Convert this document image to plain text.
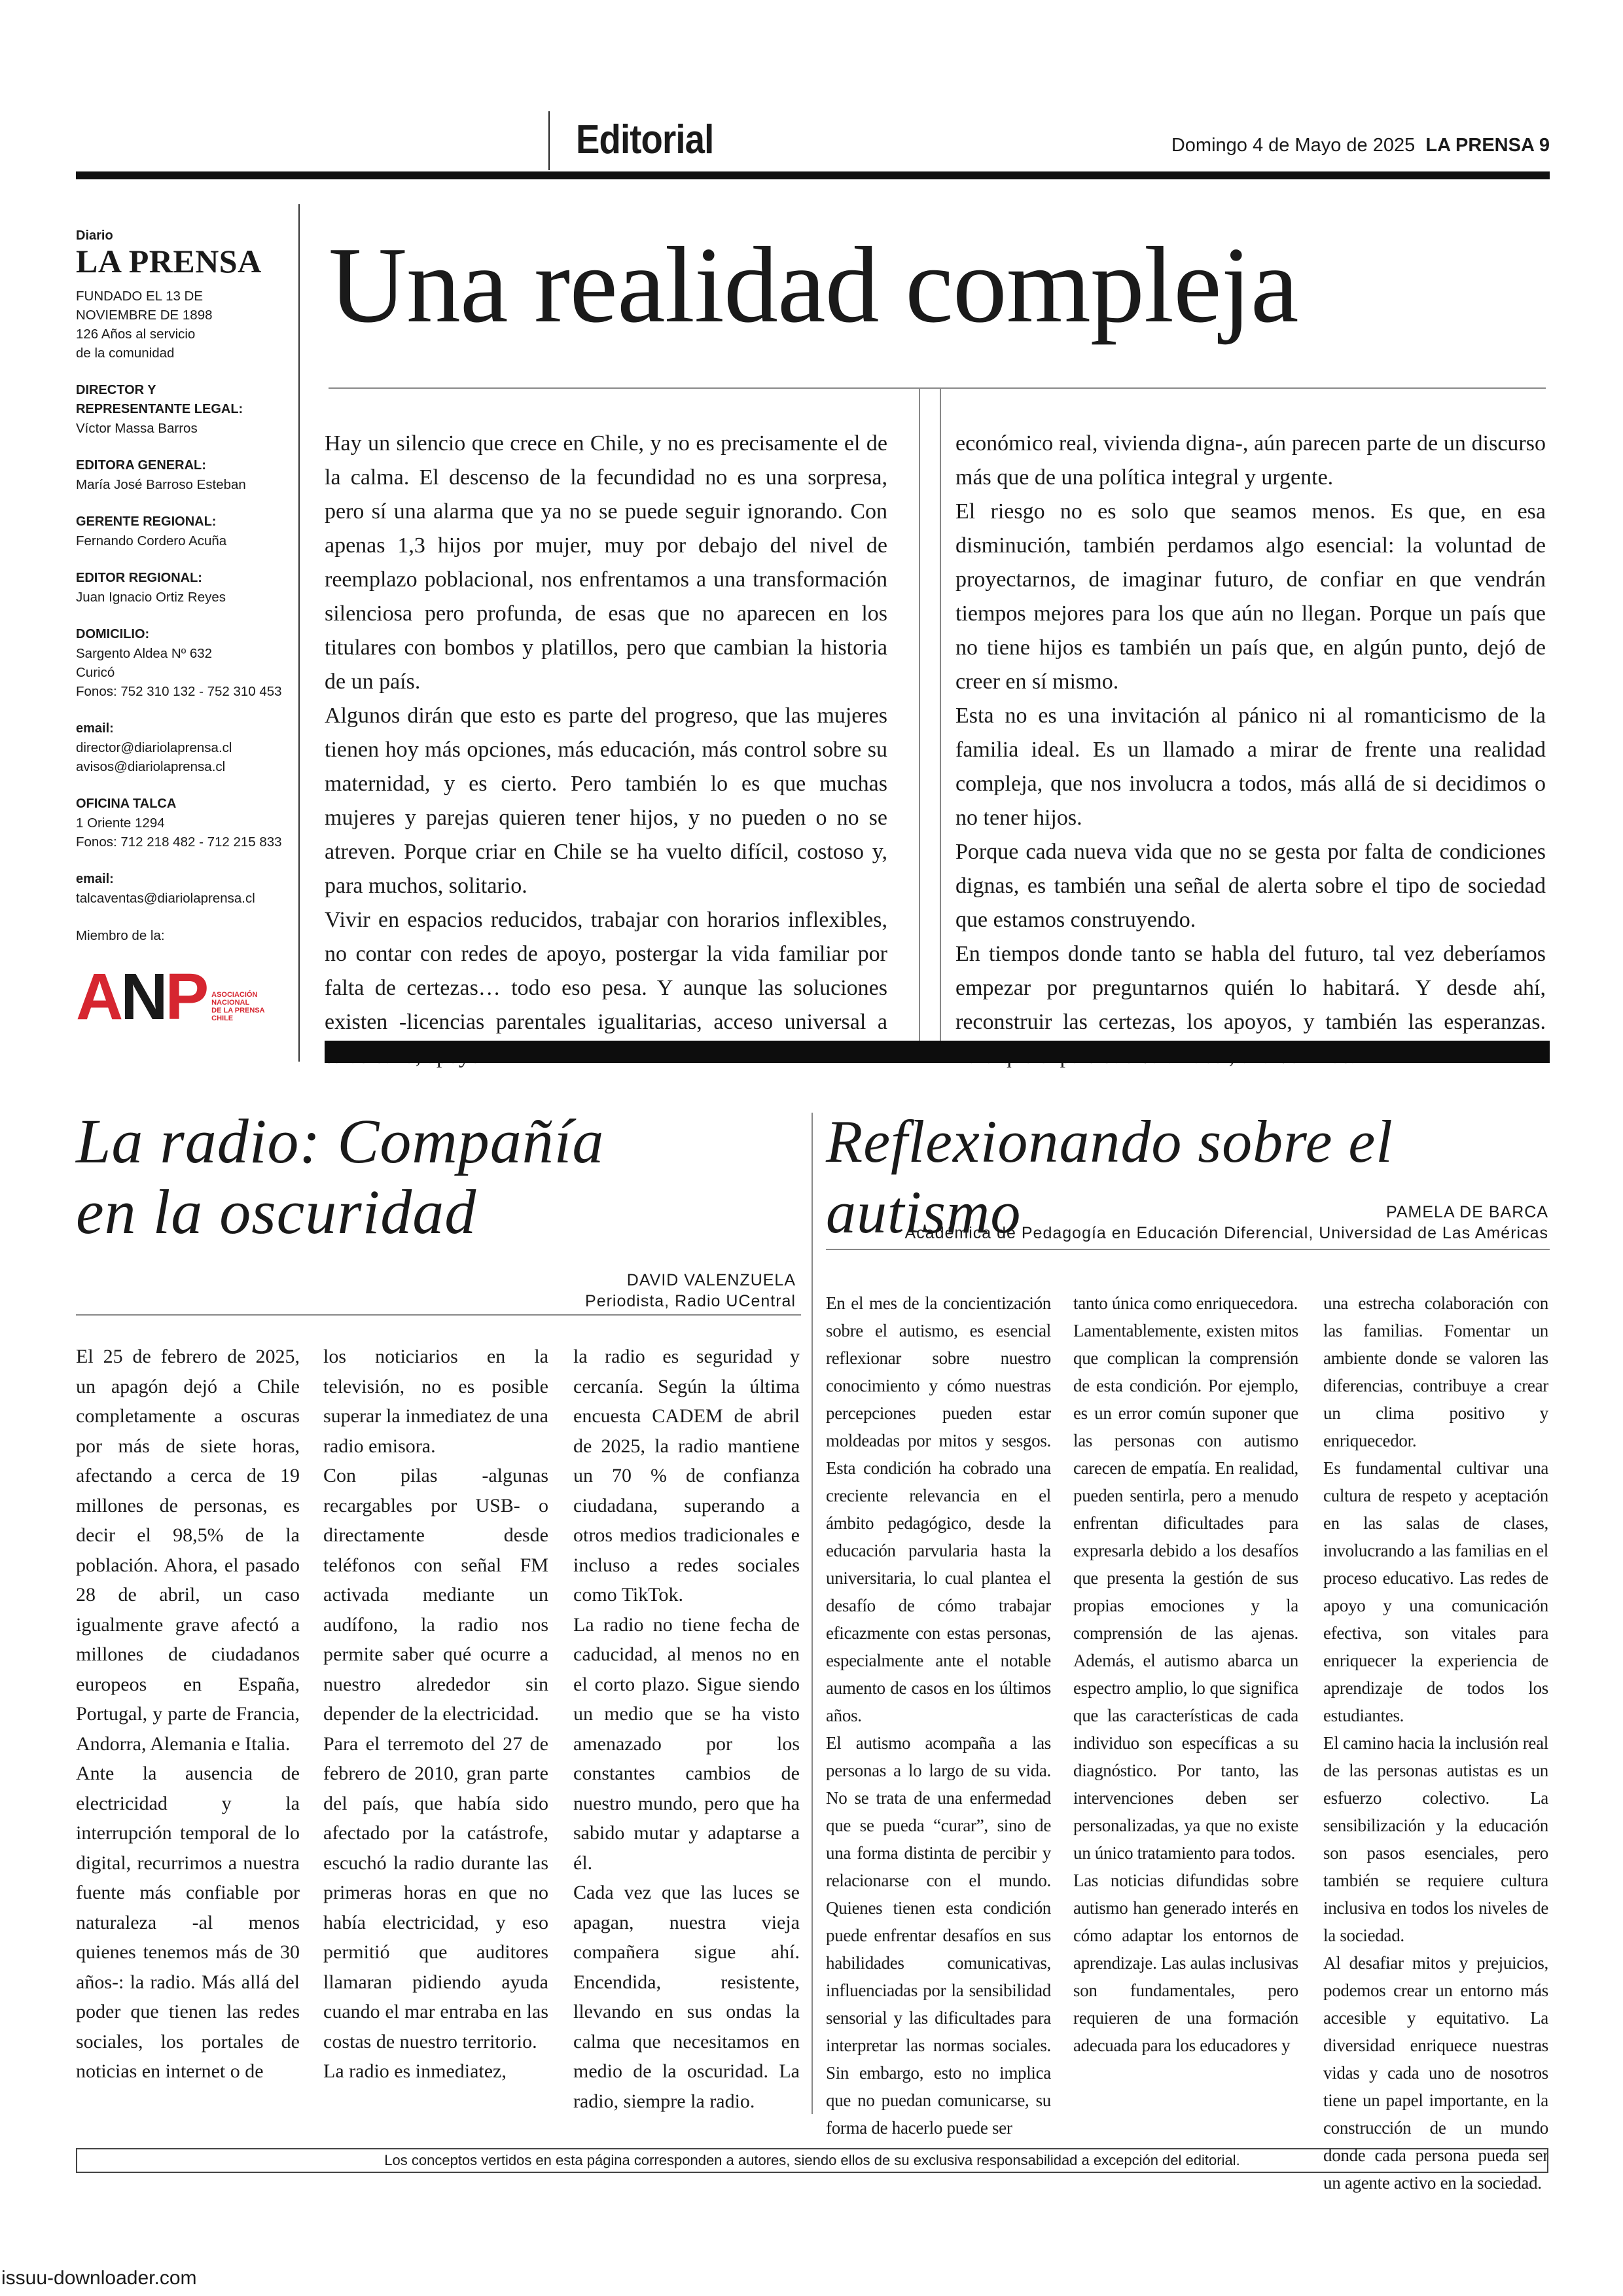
Editorial	Domingo 4 de Mayo de 2025 LA PRENSA 9
Diario
LA PRENSA
FUNDADO EL 13 DE
NOVIEMBRE DE 1898
126 Años al servicio
de la comunidad
DIRECTOR Y
REPRESENTANTE LEGAL:
Víctor Massa Barros
EDITORA GENERAL:
María José Barroso Esteban
GERENTE REGIONAL:
Fernando Cordero Acuña
EDITOR REGIONAL:
Juan Ignacio Ortiz Reyes
DOMICILIO:
Sargento Aldea Nº 632
Curicó
Fonos: 752 310 132 - 752 310 453
email:
director@diariolaprensa.cl
avisos@diariolaprensa.cl
OFICINA TALCA
1 Oriente 1294
Fonos: 712 218 482 - 712 215 833
email:
talcaventas@diariolaprensa.cl
Miembro de la:
ANP ASOCIACIÓN
NACIONAL
DE LA PRENSA
CHILE
Una realidad compleja

Hay un silencio que crece en Chile, y no es precisamente el de la calma. El descenso de la fecundidad no es una sorpresa, pero sí una alarma que ya no se puede seguir ignorando. Con apenas 1,3 hijos por mujer, muy por debajo del nivel de reemplazo poblacional, nos enfrentamos a una transformación silenciosa pero profunda, de esas que no aparecen en los titulares con bombos y platillos, pero que cambian la historia de un país.

Algunos dirán que esto es parte del progreso, que las mujeres tienen hoy más opciones, más educación, más control sobre su maternidad, y es cierto. Pero también lo es que muchas mujeres y parejas quieren tener hijos, y no pueden o no se atreven. Porque criar en Chile se ha vuelto difícil, costoso y, para muchos, solitario.

Vivir en espacios reducidos, trabajar con horarios inflexibles, no contar con redes de apoyo, postergar la vida familiar por falta de certezas… todo eso pesa. Y aunque las soluciones existen -licencias parentales igualitarias, acceso universal a

económico real, vivienda digna-, aún parecen parte de un discurso más que de una política integral y urgente.

El riesgo no es solo que seamos menos. Es que, en esa disminución, también perdamos algo esencial: la voluntad de proyectarnos, de imaginar futuro, de confiar en que vendrán tiempos mejores para los que aún no llegan. Porque un país que no tiene hijos es también un país que, en algún punto, dejó de creer en sí mismo.

Esta no es una invitación al pánico ni al romanticismo de la familia ideal. Es un llamado a mirar de frente una realidad compleja, que nos involucra a todos, más allá de si decidimos o no tener hijos.

Porque cada nueva vida que no se gesta por falta de condiciones dignas, es también una señal de alerta sobre el tipo de sociedad que estamos construyendo.

En tiempos donde tanto se habla del futuro, tal vez deberíamos empezar por preguntarnos quién lo habitará. Y desde ahí, reconstruir las certezas, los apoyos, y también las esperanzas.

La radio: Compañía
en la oscuridad
DAVID VALENZUELA
Periodista, Radio UCentral

El 25 de febrero de 2025, un apagón dejó a Chile completamente a oscuras por más de siete horas, afectando a cerca de 19 millones de personas, es decir el 98,5% de la población. Ahora, el pasado 28 de abril, un caso igualmente grave afectó a millones de ciudadanos europeos en España, Portugal, y parte de Francia, Andorra, Alemania e Italia.

Ante la ausencia de electricidad y la interrupción temporal de lo digital, recurrimos a nuestra fuente más confiable por naturaleza -al menos quienes tenemos más de 30 años-: la radio. Más allá del poder que tienen las redes sociales, los portales de noticias en internet o de

los noticiarios en la televisión, no es posible superar la inmediatez de una radio emisora.

Con pilas -algunas recargables por USB- o directamente desde teléfonos con señal FM activada mediante un audífono, la radio nos permite saber qué ocurre a nuestro alrededor sin depender de la electricidad.

Para el terremoto del 27 de febrero de 2010, gran parte del país, que había sido afectado por la catástrofe, escuchó la radio durante las primeras horas en que no había electricidad, y eso permitió que auditores llamaran pidiendo ayuda cuando el mar entraba en las costas de nuestro territorio.

La radio es inmediatez,

la radio es seguridad y cercanía. Según la última encuesta CADEM de abril de 2025, la radio mantiene un 70 % de confianza ciudadana, superando a otros medios tradicionales e incluso a redes sociales como TikTok.

La radio no tiene fecha de caducidad, al menos no en el corto plazo. Sigue siendo un medio que se ha visto amenazado por los constantes cambios de nuestro mundo, pero que ha sabido mutar y adaptarse a él.

Cada vez que las luces se apagan, nuestra vieja compañera sigue ahí. Encendida, resistente, llevando en sus ondas la calma que necesitamos en medio de la oscuridad. La radio, siempre la radio.

Reflexionando sobre el autismo	PAMELA DE BARCA
Académica de Pedagogía en Educación Diferencial, Universidad de Las Américas

En el mes de la concientización sobre el autismo, es esencial reflexionar sobre nuestro conocimiento y cómo nuestras percepciones pueden estar moldeadas por mitos y sesgos. Esta condición ha cobrado una creciente relevancia en el ámbito pedagógico, desde la educación parvularia hasta la universitaria, lo cual plantea el desafío de cómo trabajar eficazmente con estas personas, especialmente ante el notable aumento de casos en los últimos años.

El autismo acompaña a las personas a lo largo de su vida. No se trata de una enfermedad que se pueda “curar”, sino de una forma distinta de percibir y relacionarse con el mundo. Quienes tienen esta condición puede enfrentar desafíos en sus habilidades comunicativas, influenciadas por la sensibilidad sensorial y las dificultades para interpretar las normas sociales. Sin embargo, esto no implica que no puedan comunicarse, su forma de hacerlo puede ser

tanto única como enriquecedora.

Lamentablemente, existen mitos que complican la comprensión de esta condición. Por ejemplo, es un error común suponer que las personas con autismo carecen de empatía. En realidad, pueden sentirla, pero a menudo enfrentan dificultades para expresarla debido a los desafíos que presenta la gestión de sus propias emociones y la comprensión de las ajenas. Además, el autismo abarca un espectro amplio, lo que significa que las características de cada individuo son específicas a su diagnóstico. Por tanto, las intervenciones deben ser personalizadas, ya que no existe un único tratamiento para todos.

Las noticias difundidas sobre autismo han generado interés en cómo adaptar los entornos de aprendizaje. Las aulas inclusivas son fundamentales, pero requieren de una formación adecuada para los educadores y

una estrecha colaboración con las familias. Fomentar un ambiente donde se valoren las diferencias, contribuye a crear un clima positivo y enriquecedor.

Es fundamental cultivar una cultura de respeto y aceptación en las salas de clases, involucrando a las familias en el proceso educativo. Las redes de apoyo y una comunicación efectiva, son vitales para enriquecer la experiencia de aprendizaje de todos los estudiantes.

El camino hacia la inclusión real de las personas autistas es un esfuerzo colectivo. La sensibilización y la educación son pasos esenciales, pero también se requiere cultura inclusiva en todos los niveles de la sociedad.

Al desafiar mitos y prejuicios, podemos crear un entorno más accesible y equitativo. La diversidad enriquece nuestras vidas y cada uno de nosotros tiene un papel importante, en la construcción de un mundo donde cada persona pueda ser un agente activo en la sociedad.

Los conceptos vertidos en esta página corresponden a autores, siendo ellos de su exclusiva responsabilidad a excepción del editorial.
issuu-downloader.com
